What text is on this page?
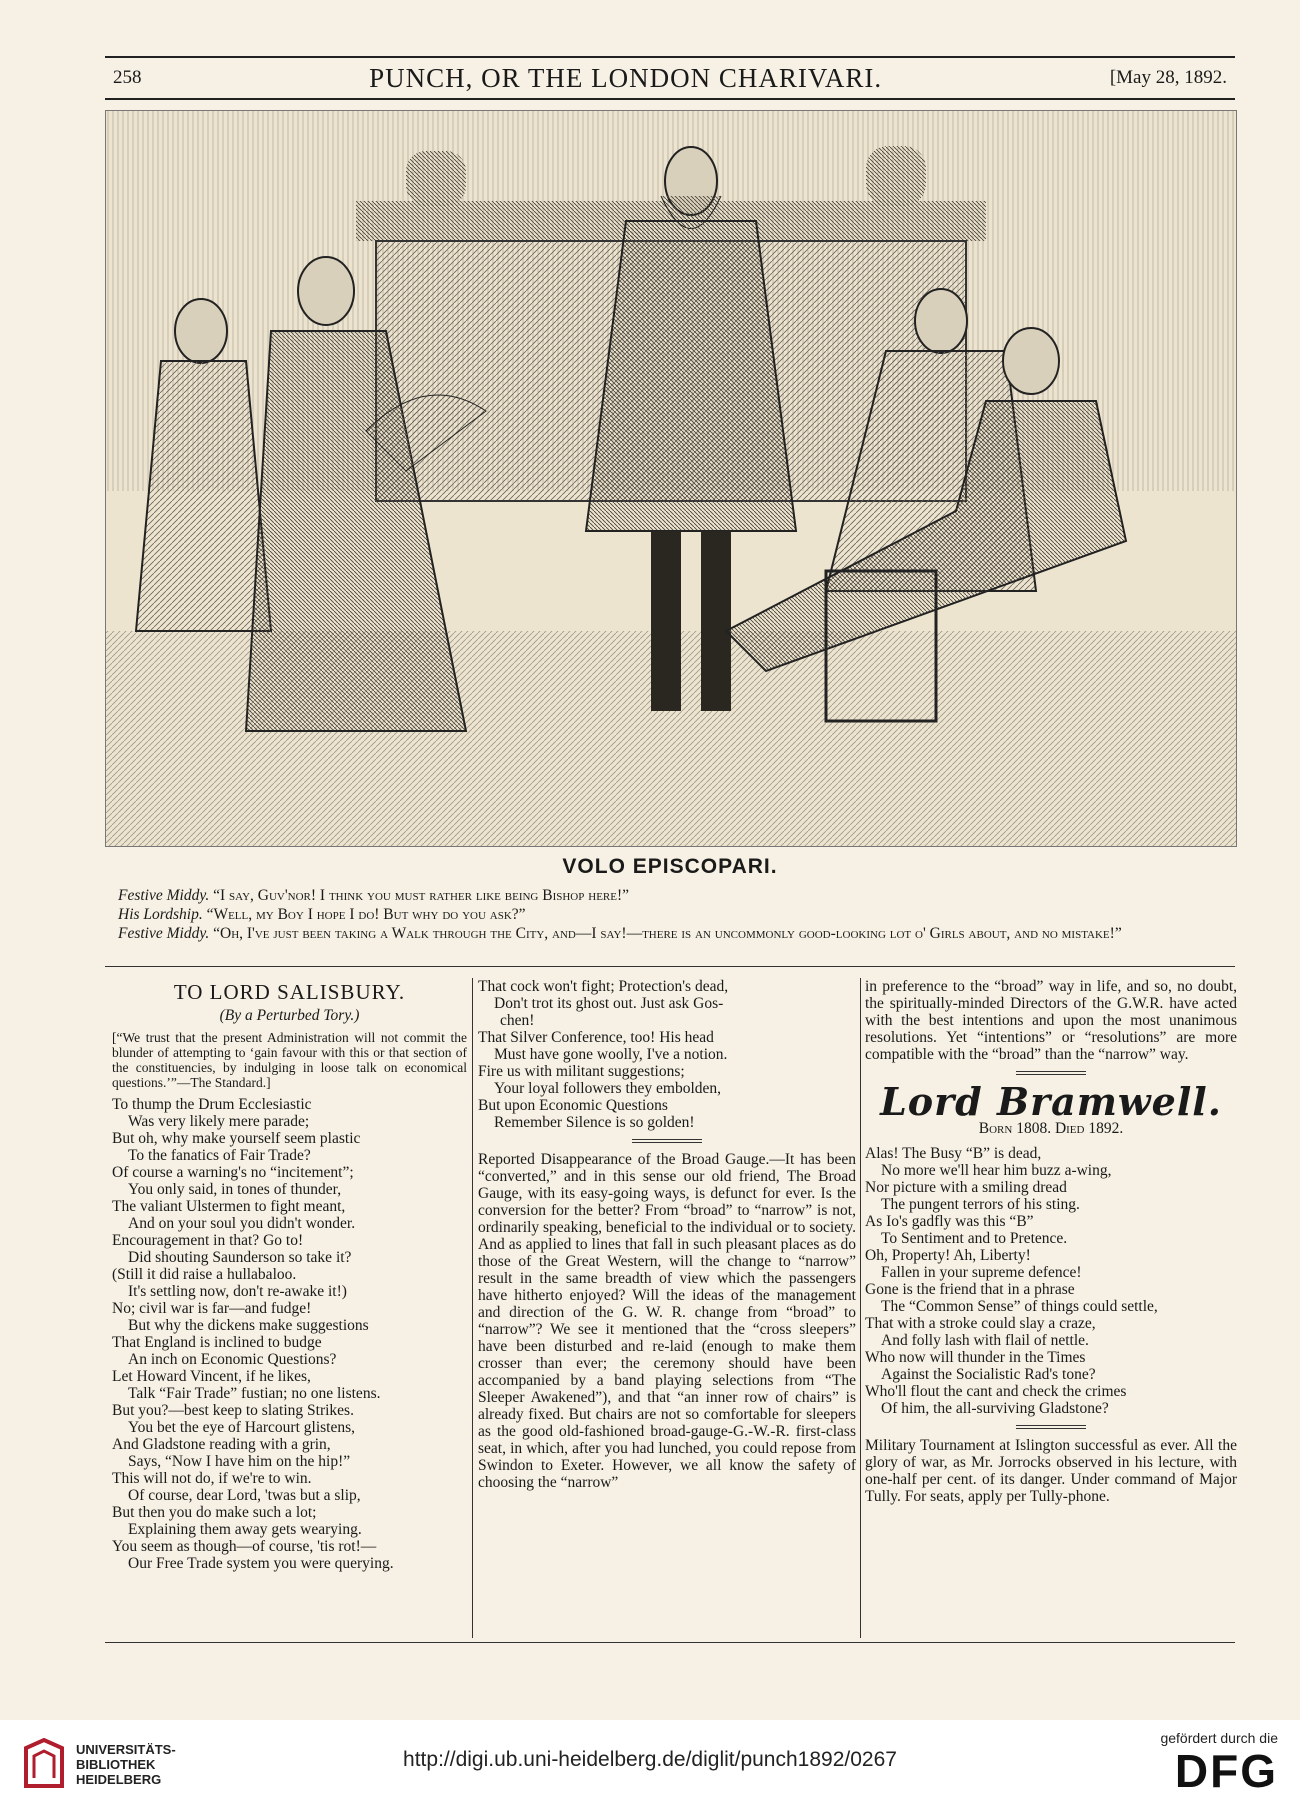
258	PUNCH, OR THE LONDON CHARIVARI.	[May 28, 1892.
VOLO EPISCOPARI.

Festive Middy. “I say, Guv'nor! I think you must rather like being Bishop here!”

His Lordship. “Well, my Boy I hope I do! But why do you ask?”

Festive Middy. “Oh, I've just been taking a Walk through the City, and—I say!—there is an uncommonly good-looking lot o' Girls about, and no mistake!”

TO LORD SALISBURY.

(By a Perturbed Tory.)

[“We trust that the present Administration will not commit the blunder of attempting to ‘gain favour with this or that section of the constituencies, by indulging in loose talk on economical questions.’”—The Standard.]

To thump the Drum Ecclesiastic

Was very likely mere parade;

But oh, why make yourself seem plastic

To the fanatics of Fair Trade?

Of course a warning's no “incitement”;

You only said, in tones of thunder,

The valiant Ulstermen to fight meant,

And on your soul you didn't wonder.

Encouragement in that? Go to!

Did shouting Saunderson so take it?

(Still it did raise a hullabaloo.

It's settling now, don't re-awake it!)

No; civil war is far—and fudge!

But why the dickens make suggestions

That England is inclined to budge

An inch on Economic Questions?

Let Howard Vincent, if he likes,

Talk “Fair Trade” fustian; no one listens.

But you?—best keep to slating Strikes.

You bet the eye of Harcourt glistens,

And Gladstone reading with a grin,

Says, “Now I have him on the hip!”

This will not do, if we're to win.

Of course, dear Lord, 'twas but a slip,

But then you do make such a lot;

Explaining them away gets wearying.

You seem as though—of course, 'tis rot!—

Our Free Trade system you were querying.

That cock won't fight; Protection's dead,

Don't trot its ghost out. Just ask Gos-

chen!

That Silver Conference, too! His head

Must have gone woolly, I've a notion.

Fire us with militant suggestions;

Your loyal followers they embolden,

But upon Economic Questions

Remember Silence is so golden!

Reported Disappearance of the Broad Gauge.—It has been “converted,” and in this sense our old friend, The Broad Gauge, with its easy-going ways, is defunct for ever. Is the conversion for the better? From “broad” to “narrow” is not, ordinarily speaking, beneficial to the individual or to society. And as applied to lines that fall in such pleasant places as do those of the Great Western, will the change to “narrow” result in the same breadth of view which the passengers have hitherto enjoyed? Will the ideas of the management and direction of the G. W. R. change from “broad” to “narrow”? We see it mentioned that the “cross sleepers” have been disturbed and re-laid (enough to make them crosser than ever; the ceremony should have been accompanied by a band playing selections from “The Sleeper Awakened”), and that “an inner row of chairs” is already fixed. But chairs are not so comfortable for sleepers as the good old-fashioned broad-gauge-G.-W.-R. first-class seat, in which, after you had lunched, you could repose from Swindon to Exeter. However, we all know the safety of choosing the “narrow”

in preference to the “broad” way in life, and so, no doubt, the spiritually-minded Directors of the G.W.R. have acted with the best intentions and upon the most unanimous resolutions. Yet “intentions” or “resolutions” are more compatible with the “broad” than the “narrow” way.

Lord Bramwell.

Born 1808. Died 1892.

Alas! The Busy “B” is dead,

No more we'll hear him buzz a-wing,

Nor picture with a smiling dread

The pungent terrors of his sting.

As Io's gadfly was this “B”

To Sentiment and to Pretence.

Oh, Property! Ah, Liberty!

Fallen in your supreme defence!

Gone is the friend that in a phrase

The “Common Sense” of things could settle,

That with a stroke could slay a craze,

And folly lash with flail of nettle.

Who now will thunder in the Times

Against the Socialistic Rad's tone?

Who'll flout the cant and check the crimes

Of him, the all-surviving Gladstone?

Military Tournament at Islington successful as ever. All the glory of war, as Mr. Jorrocks observed in his lecture, with one-half per cent. of its danger. Under command of Major Tully. For seats, apply per Tully-phone.

UNIVERSITÄTS-
BIBLIOTHEK
HEIDELBERG
http://digi.ub.uni-heidelberg.de/diglit/punch1892/0267
gefördert durch die
DFG
